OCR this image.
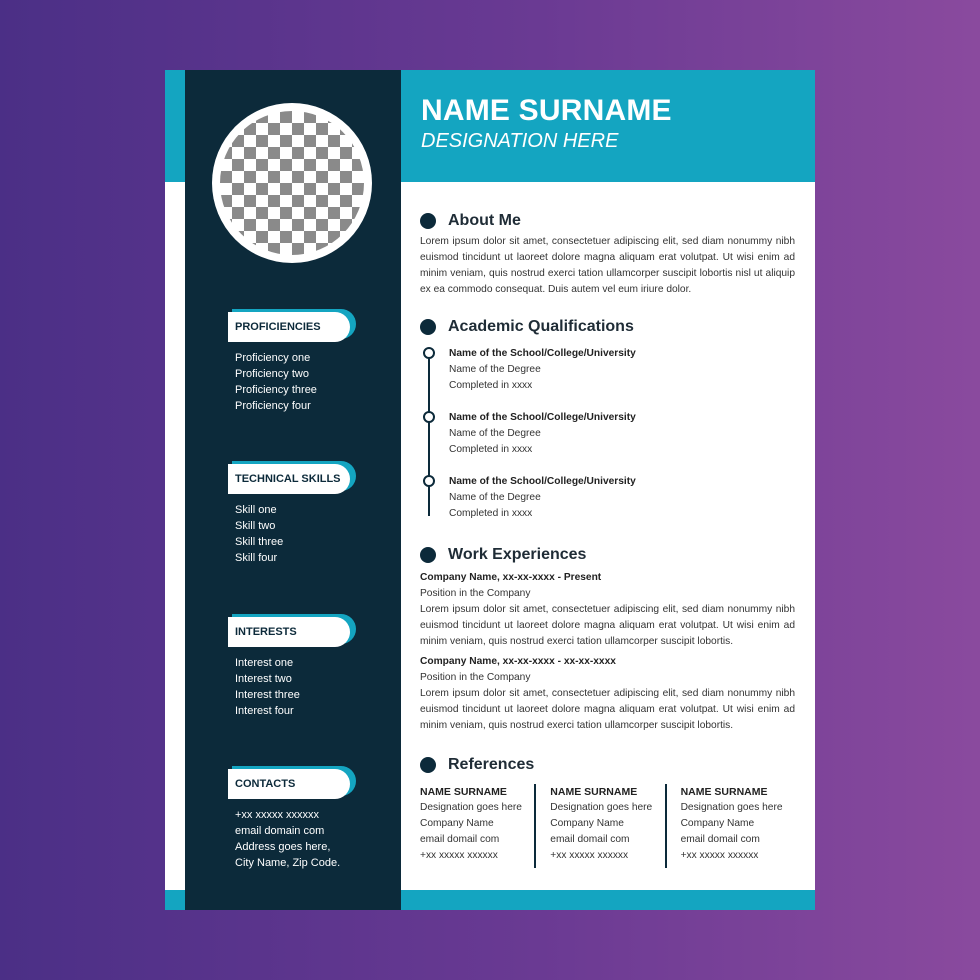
NAME SURNAME
DESIGNATION HERE
PROFICIENCIES
Proficiency one
Proficiency two
Proficiency three
Proficiency four
TECHNICAL SKILLS
Skill one
Skill two
Skill three
Skill four
INTERESTS
Interest one
Interest two
Interest three
Interest four
CONTACTS
+xx xxxxx xxxxxx
email domain com
Address goes here,
City Name, Zip Code.
About Me
Lorem ipsum dolor sit amet, consectetuer adipiscing elit, sed diam nonummy nibh euismod tincidunt ut laoreet dolore magna aliquam erat volutpat. Ut wisi enim ad minim veniam, quis nostrud exerci tation ullamcorper suscipit lobortis nisl ut aliquip ex ea commodo consequat. Duis autem vel eum iriure dolor.
Academic Qualifications
Name of the School/College/University
Name of the Degree
Completed in xxxx
Name of the School/College/University
Name of the Degree
Completed in xxxx
Name of the School/College/University
Name of the Degree
Completed in xxxx
Work Experiences
Company Name, xx-xx-xxxx - Present
Position in the Company
Lorem ipsum dolor sit amet, consectetuer adipiscing elit, sed diam nonummy nibh euismod tincidunt ut laoreet dolore magna aliquam erat volutpat. Ut wisi enim ad minim veniam, quis nostrud exerci tation ullamcorper suscipit lobortis.
Company Name, xx-xx-xxxx - xx-xx-xxxx
Position in the Company
Lorem ipsum dolor sit amet, consectetuer adipiscing elit, sed diam nonummy nibh euismod tincidunt ut laoreet dolore magna aliquam erat volutpat. Ut wisi enim ad minim veniam, quis nostrud exerci tation ullamcorper suscipit lobortis.
References
NAME SURNAME
Designation goes here
Company Name
email domail com
+xx xxxxx xxxxxx
NAME SURNAME
Designation goes here
Company Name
email domail com
+xx xxxxx xxxxxx
NAME SURNAME
Designation goes here
Company Name
email domail com
+xx xxxxx xxxxxx
